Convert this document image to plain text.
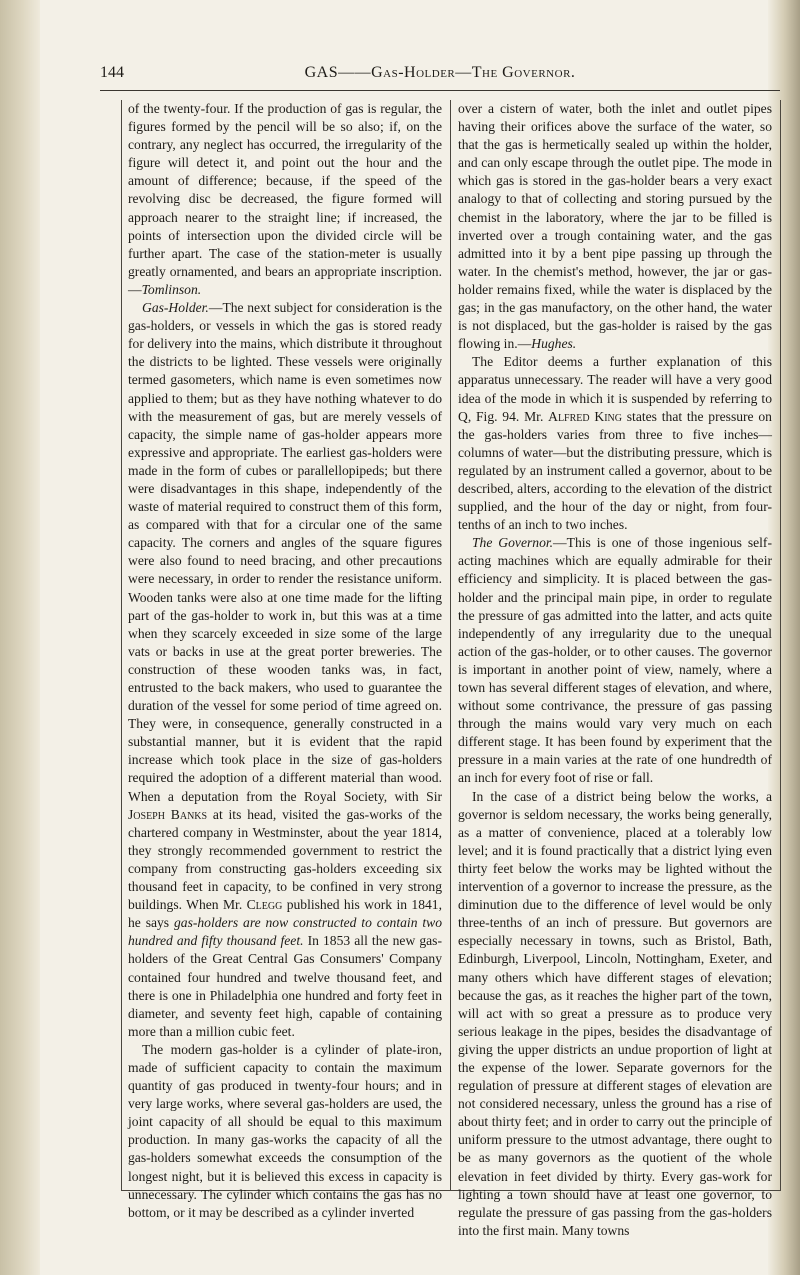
144	GAS——Gas-Holder—The Governor.

of the twenty-four. If the production of gas is regular, the figures formed by the pencil will be so also; if, on the contrary, any neglect has occurred, the irregularity of the figure will detect it, and point out the hour and the amount of difference; because, if the speed of the revolving disc be decreased, the figure formed will approach nearer to the straight line; if increased, the points of intersection upon the divided circle will be further apart. The case of the station-meter is usually greatly ornamented, and bears an appropriate inscription.—Tomlinson.

Gas-Holder.—The next subject for consideration is the gas-holders, or vessels in which the gas is stored ready for delivery into the mains, which distribute it throughout the districts to be lighted. These vessels were originally termed gasometers, which name is even sometimes now applied to them; but as they have nothing whatever to do with the measurement of gas, but are merely vessels of capacity, the simple name of gas-holder appears more expressive and appropriate. The earliest gas-holders were made in the form of cubes or parallellopipeds; but there were disadvantages in this shape, independently of the waste of material required to construct them of this form, as compared with that for a circular one of the same capacity. The corners and angles of the square figures were also found to need bracing, and other precautions were necessary, in order to render the resistance uniform. Wooden tanks were also at one time made for the lifting part of the gas-holder to work in, but this was at a time when they scarcely exceeded in size some of the large vats or backs in use at the great porter breweries. The construction of these wooden tanks was, in fact, entrusted to the back makers, who used to guarantee the duration of the vessel for some period of time agreed on. They were, in consequence, generally constructed in a substantial manner, but it is evident that the rapid increase which took place in the size of gas-holders required the adoption of a different material than wood. When a deputation from the Royal Society, with Sir Joseph Banks at its head, visited the gas-works of the chartered company in Westminster, about the year 1814, they strongly recommended government to restrict the company from constructing gas-holders exceeding six thousand feet in capacity, to be confined in very strong buildings. When Mr. Clegg published his work in 1841, he says gas-holders are now constructed to contain two hundred and fifty thousand feet. In 1853 all the new gas-holders of the Great Central Gas Consumers' Company contained four hundred and twelve thousand feet, and there is one in Philadelphia one hundred and forty feet in diameter, and seventy feet high, capable of containing more than a million cubic feet.

The modern gas-holder is a cylinder of plate-iron, made of sufficient capacity to contain the maximum quantity of gas produced in twenty-four hours; and in very large works, where several gas-holders are used, the joint capacity of all should be equal to this maximum production. In many gas-works the capacity of all the gas-holders somewhat exceeds the consumption of the longest night, but it is believed this excess in capacity is unnecessary. The cylinder which contains the gas has no bottom, or it may be described as a cylinder inverted

over a cistern of water, both the inlet and outlet pipes having their orifices above the surface of the water, so that the gas is hermetically sealed up within the holder, and can only escape through the outlet pipe. The mode in which gas is stored in the gas-holder bears a very exact analogy to that of collecting and storing pursued by the chemist in the laboratory, where the jar to be filled is inverted over a trough containing water, and the gas admitted into it by a bent pipe passing up through the water. In the chemist's method, however, the jar or gas-holder remains fixed, while the water is displaced by the gas; in the gas manufactory, on the other hand, the water is not displaced, but the gas-holder is raised by the gas flowing in.—Hughes.

The Editor deems a further explanation of this apparatus unnecessary. The reader will have a very good idea of the mode in which it is suspended by referring to Q, Fig. 94. Mr. Alfred King states that the pressure on the gas-holders varies from three to five inches—columns of water—but the distributing pressure, which is regulated by an instrument called a governor, about to be described, alters, according to the elevation of the district supplied, and the hour of the day or night, from four-tenths of an inch to two inches.

The Governor.—This is one of those ingenious self-acting machines which are equally admirable for their efficiency and simplicity. It is placed between the gas-holder and the principal main pipe, in order to regulate the pressure of gas admitted into the latter, and acts quite independently of any irregularity due to the unequal action of the gas-holder, or to other causes. The governor is important in another point of view, namely, where a town has several different stages of elevation, and where, without some contrivance, the pressure of gas passing through the mains would vary very much on each different stage. It has been found by experiment that the pressure in a main varies at the rate of one hundredth of an inch for every foot of rise or fall.

In the case of a district being below the works, a governor is seldom necessary, the works being generally, as a matter of convenience, placed at a tolerably low level; and it is found practically that a district lying even thirty feet below the works may be lighted without the intervention of a governor to increase the pressure, as the diminution due to the difference of level would be only three-tenths of an inch of pressure. But governors are especially necessary in towns, such as Bristol, Bath, Edinburgh, Liverpool, Lincoln, Nottingham, Exeter, and many others which have different stages of elevation; because the gas, as it reaches the higher part of the town, will act with so great a pressure as to produce very serious leakage in the pipes, besides the disadvantage of giving the upper districts an undue proportion of light at the expense of the lower. Separate governors for the regulation of pressure at different stages of elevation are not considered necessary, unless the ground has a rise of about thirty feet; and in order to carry out the principle of uniform pressure to the utmost advantage, there ought to be as many governors as the quotient of the whole elevation in feet divided by thirty. Every gas-work for lighting a town should have at least one governor, to regulate the pressure of gas passing from the gas-holders into the first main. Many towns
